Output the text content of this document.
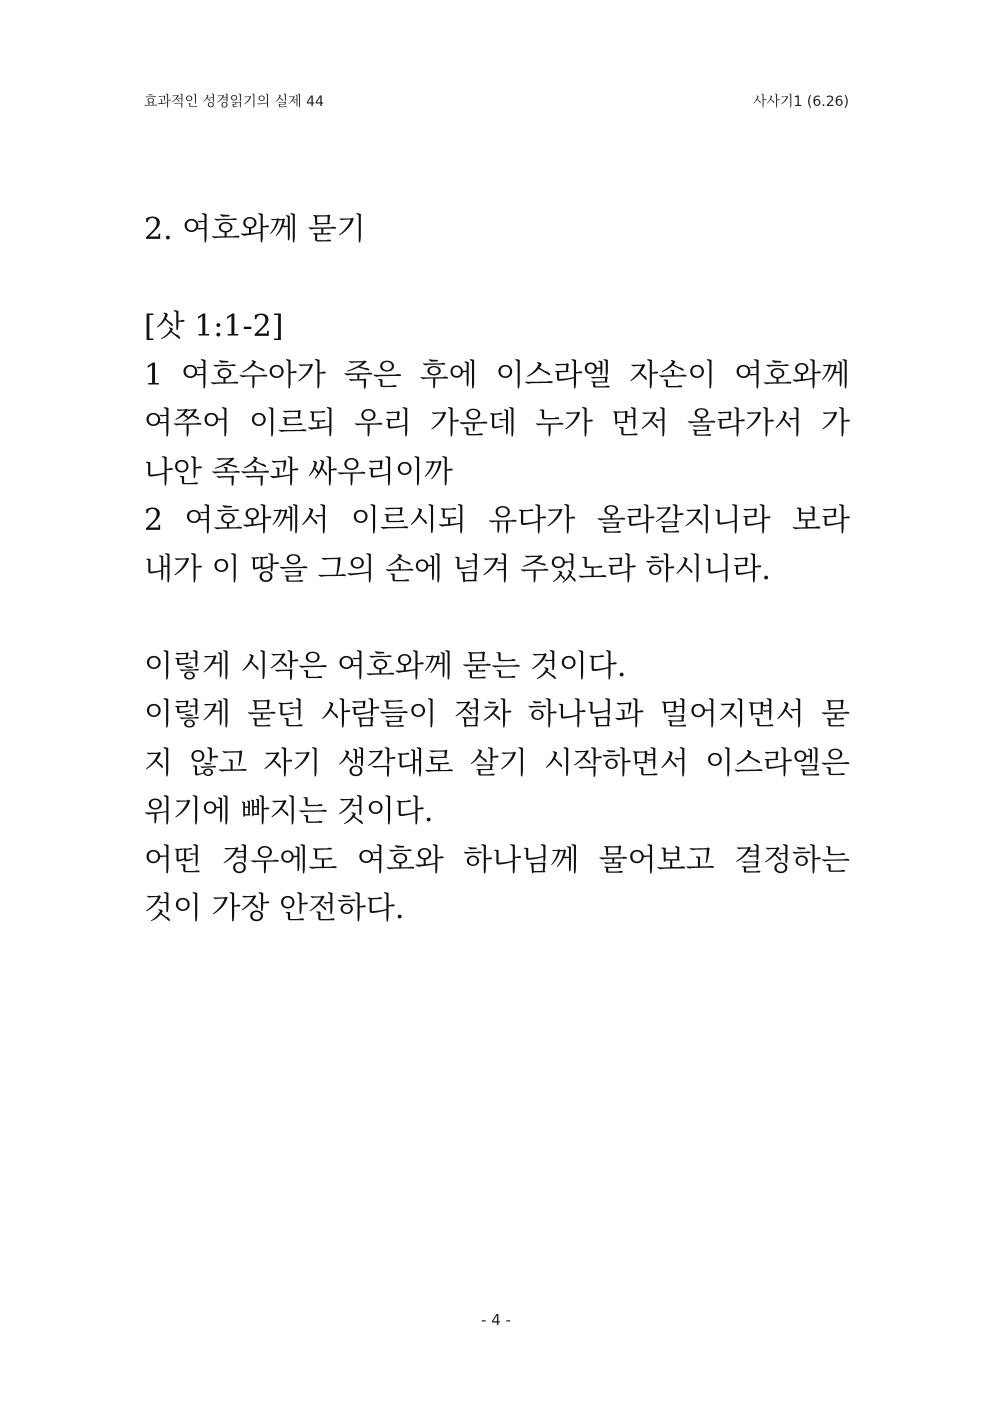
효과적인 성경읽기의 실제 44	사사기1 (6.26)
2. 여호와께 묻기
[삿 1:1-2]
1 여호수아가 죽은 후에 이스라엘 자손이 여호와께
여쭈어 이르되 우리 가운데 누가 먼저 올라가서 가
나안 족속과 싸우리이까
2 여호와께서 이르시되 유다가 올라갈지니라 보라
내가 이 땅을 그의 손에 넘겨 주었노라 하시니라.
이렇게 시작은 여호와께 묻는 것이다.
이렇게 묻던 사람들이 점차 하나님과 멀어지면서 묻
지 않고 자기 생각대로 살기 시작하면서 이스라엘은
위기에 빠지는 것이다.
어떤 경우에도 여호와 하나님께 물어보고 결정하는
것이 가장 안전하다.
- 4 -
